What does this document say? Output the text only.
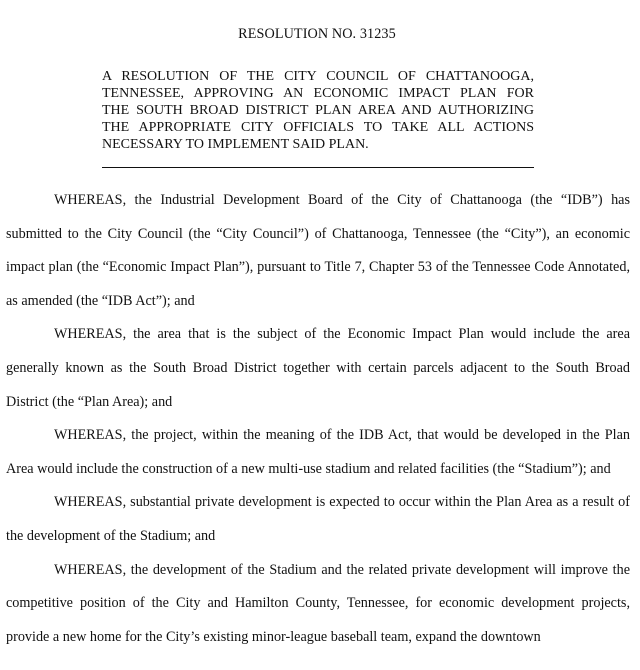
RESOLUTION NO. 31235
A RESOLUTION OF THE CITY COUNCIL OF CHATTANOOGA,
TENNESSEE, APPROVING AN ECONOMIC IMPACT PLAN FOR
THE SOUTH BROAD DISTRICT PLAN AREA AND AUTHORIZING
THE APPROPRIATE CITY OFFICIALS TO TAKE ALL ACTIONS
NECESSARY TO IMPLEMENT SAID PLAN.

WHEREAS, the Industrial Development Board of the City of Chattanooga (the “IDB”) has submitted to the City Council (the “City Council”) of Chattanooga, Tennessee (the “City”), an economic impact plan (the “Economic Impact Plan”), pursuant to Title 7, Chapter 53 of the Tennessee Code Annotated, as amended (the “IDB Act”); and

WHEREAS, the area that is the subject of the Economic Impact Plan would include the area generally known as the South Broad District together with certain parcels adjacent to the South Broad District (the “Plan Area); and

WHEREAS, the project, within the meaning of the IDB Act, that would be developed in the Plan Area would include the construction of a new multi-use stadium and related facilities (the “Stadium”); and

WHEREAS, substantial private development is expected to occur within the Plan Area as a result of the development of the Stadium; and

WHEREAS, the development of the Stadium and the related private development will improve the competitive position of the City and Hamilton County, Tennessee, for economic development projects, provide a new home for the City’s existing minor-league baseball team, expand the downtown
